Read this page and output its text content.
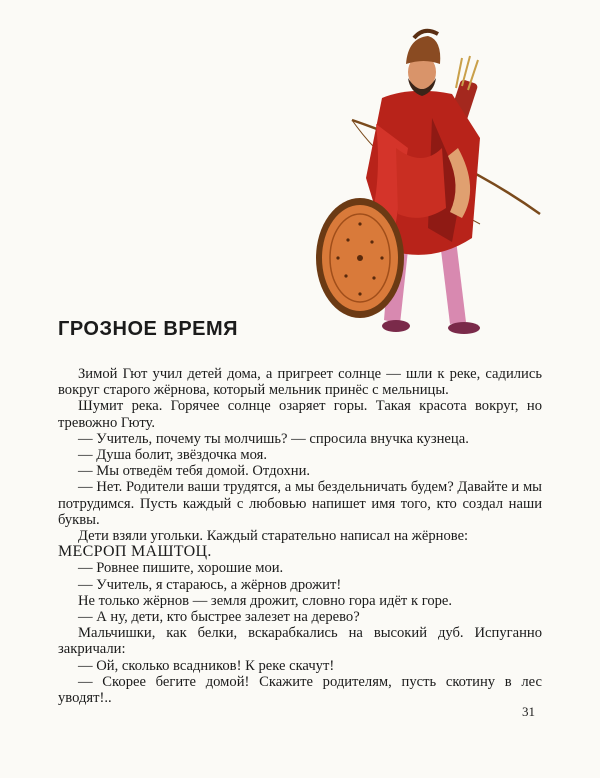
ГРОЗНОЕ ВРЕМЯ

Зимой Гют учил детей дома, а пригреет солнце — шли к реке, садились вокруг старого жёрнова, который мельник принёс с мельницы.

Шумит река. Горячее солнце озаряет горы. Такая красота вокруг, но тревожно Гюту.

— Учитель, почему ты молчишь? — спросила внучка кузнеца.

— Душа болит, звёздочка моя.

— Мы отведём тебя домой. Отдохни.

— Нет. Родители ваши трудятся, а мы бездельничать будем? Давайте и мы потрудимся. Пусть каждый с любовью напишет имя того, кто создал наши буквы.

Дети взяли угольки. Каждый старательно написал на жёрнове:

МЕСРОП МАШТОЦ.

— Ровнее пишите, хорошие мои.

— Учитель, я стараюсь, а жёрнов дрожит!

Не только жёрнов — земля дрожит, словно гора идёт к горе.

— А ну, дети, кто быстрее залезет на дерево?

Мальчишки, как белки, вскарабкались на высокий дуб. Испуганно закричали:

— Ой, сколько всадников! К реке скачут!

— Скорее бегите домой! Скажите родителям, пусть скотину в лес уводят!..

31
